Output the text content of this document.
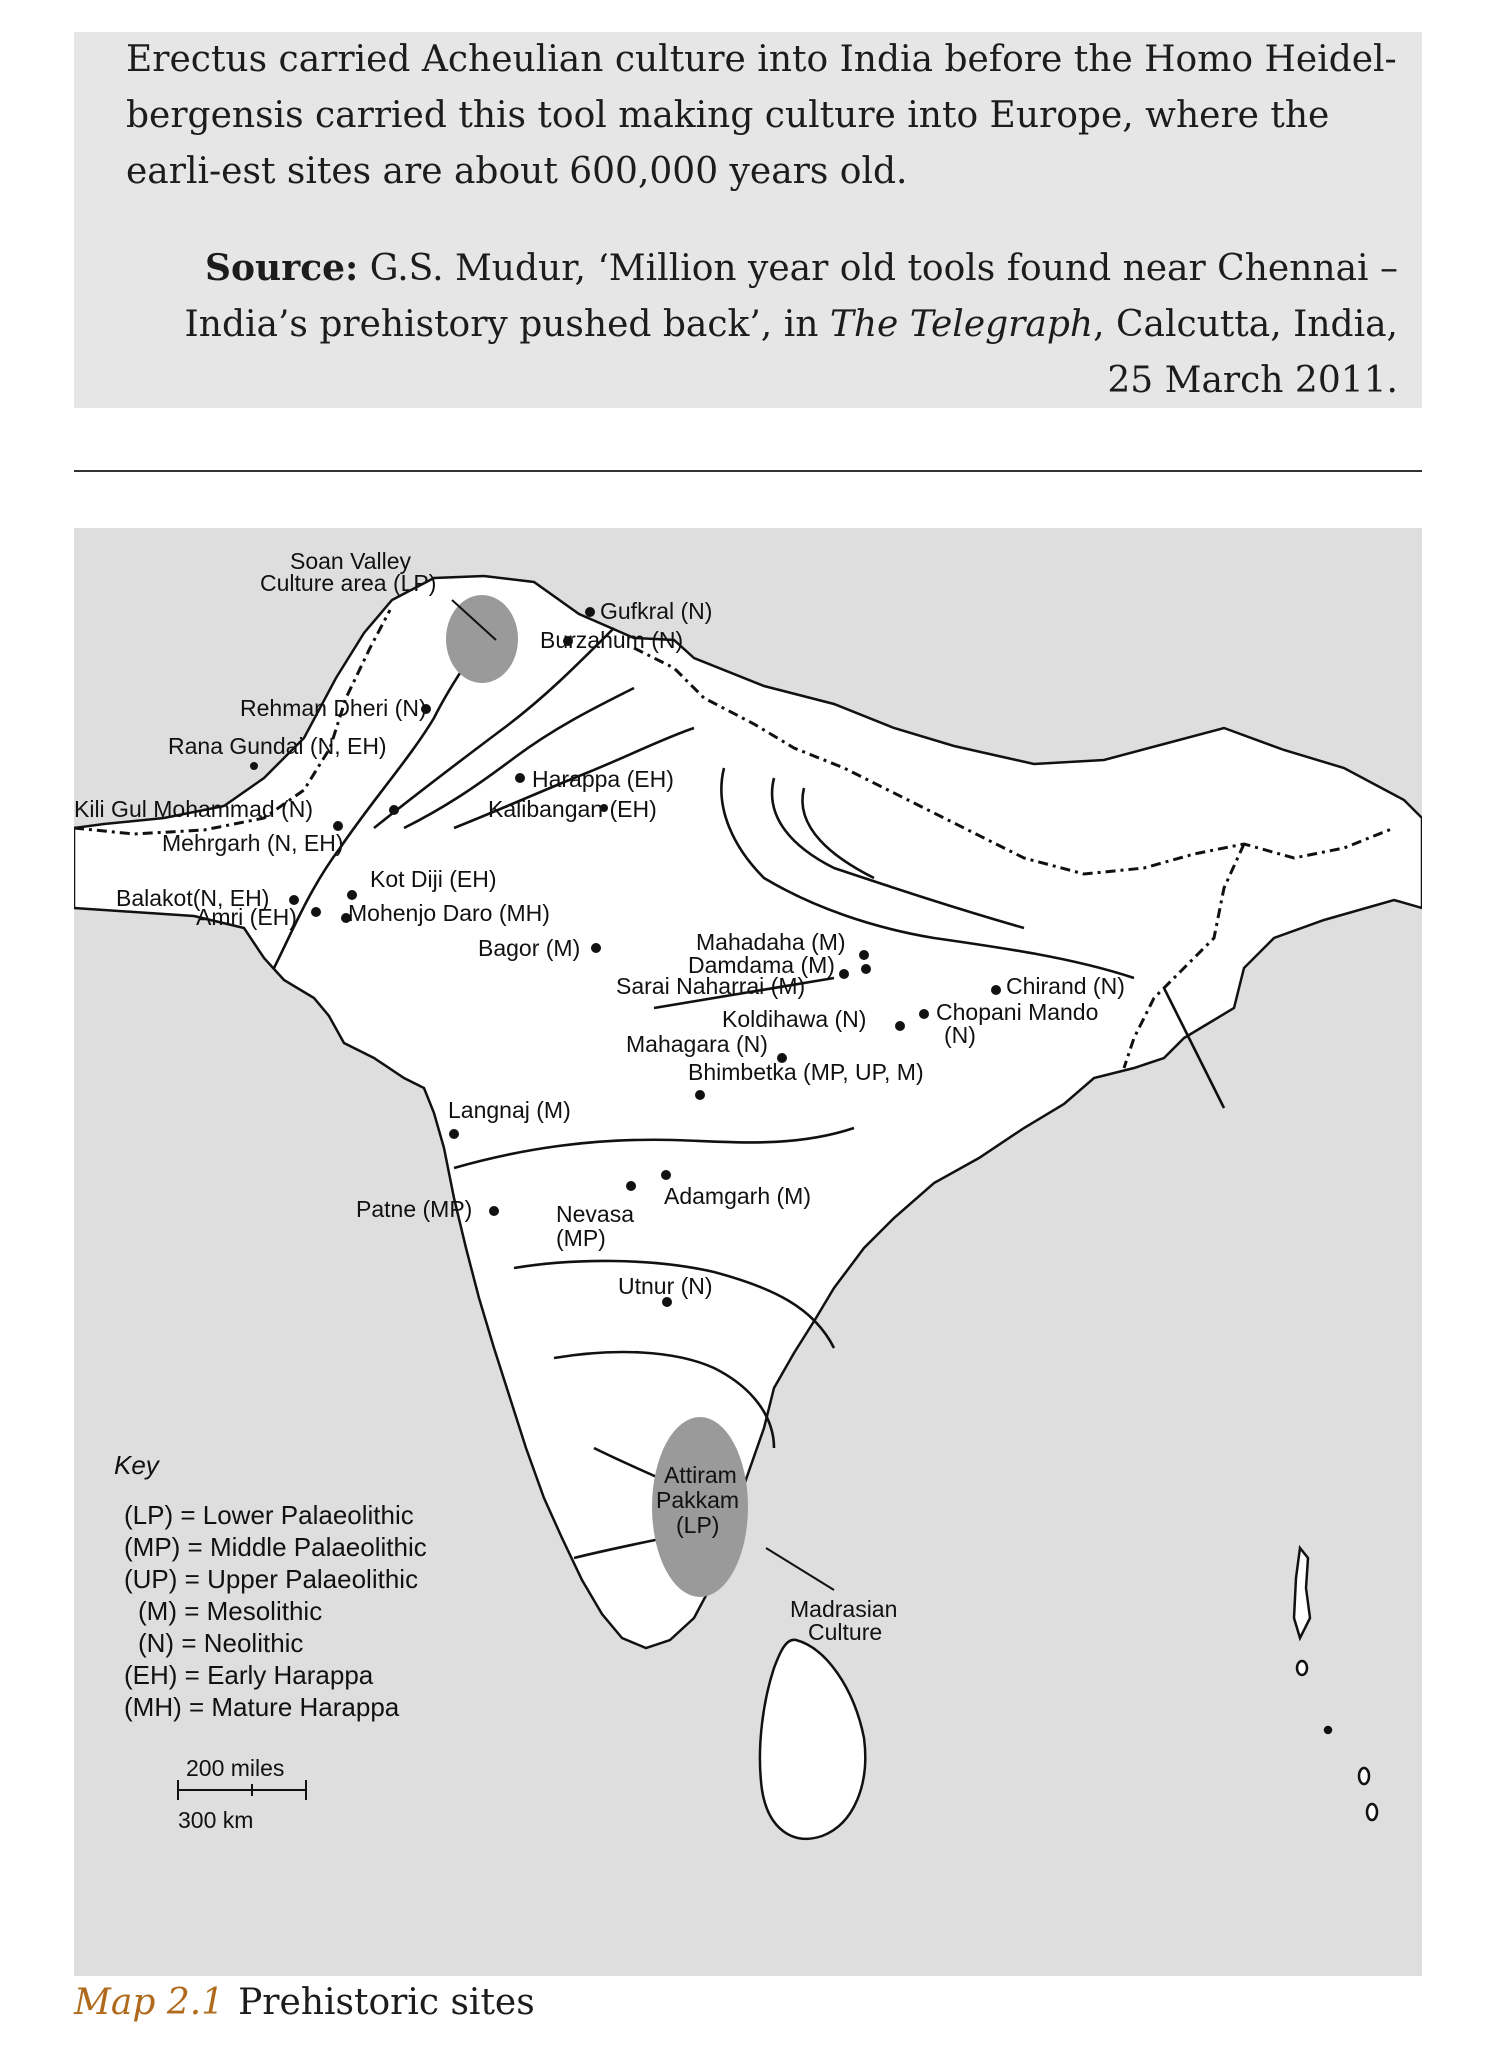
Erectus carried Acheulian culture into India before the Homo Heidel-bergensis carried this tool making culture into Europe, where the earli-est sites are about 600,000 years old.

Source: G.S. Mudur, ‘Million year old tools found near Chennai – India’s prehistory pushed back’, in The Telegraph, Calcutta, India, 25 March 2011.

Soan Valley
Culture area (LP)
Gufkral (N)
Burzahum (N)
Rehman Dheri (N)
Rana Gundai (N, EH)
Harappa (EH)
Kili Gul Mohammad (N)	Kalibangan (EH)
Mehrgarh (N, EH)
Balakot(N, EH)
Kot Diji (EH)
Amri (EH) Mohenjo Daro (MH)
Mahadaha (M)
Damdama (M)
Bagor (M)
Sarai Naharrai (M)	Chirand (N)
Koldihawa (N)	Chopani Mando
(N)
Mahagara (N)
Bhimbetka (MP, UP, M)
Langnaj (M)
Adamgarh (M)
Patne (MP)	Nevasa
(MP)
Utnur (N)
Attiram
Pakkam
(LP)
Madrasian
Culture
Key
(LP) = Lower Palaeolithic
(MP) = Middle Palaeolithic
(UP) = Upper Palaeolithic
(M) = Mesolithic
(N) = Neolithic
(EH) = Early Harappa
(MH) = Mature Harappa
200 miles
300 km
Map 2.1 Prehistoric sites
